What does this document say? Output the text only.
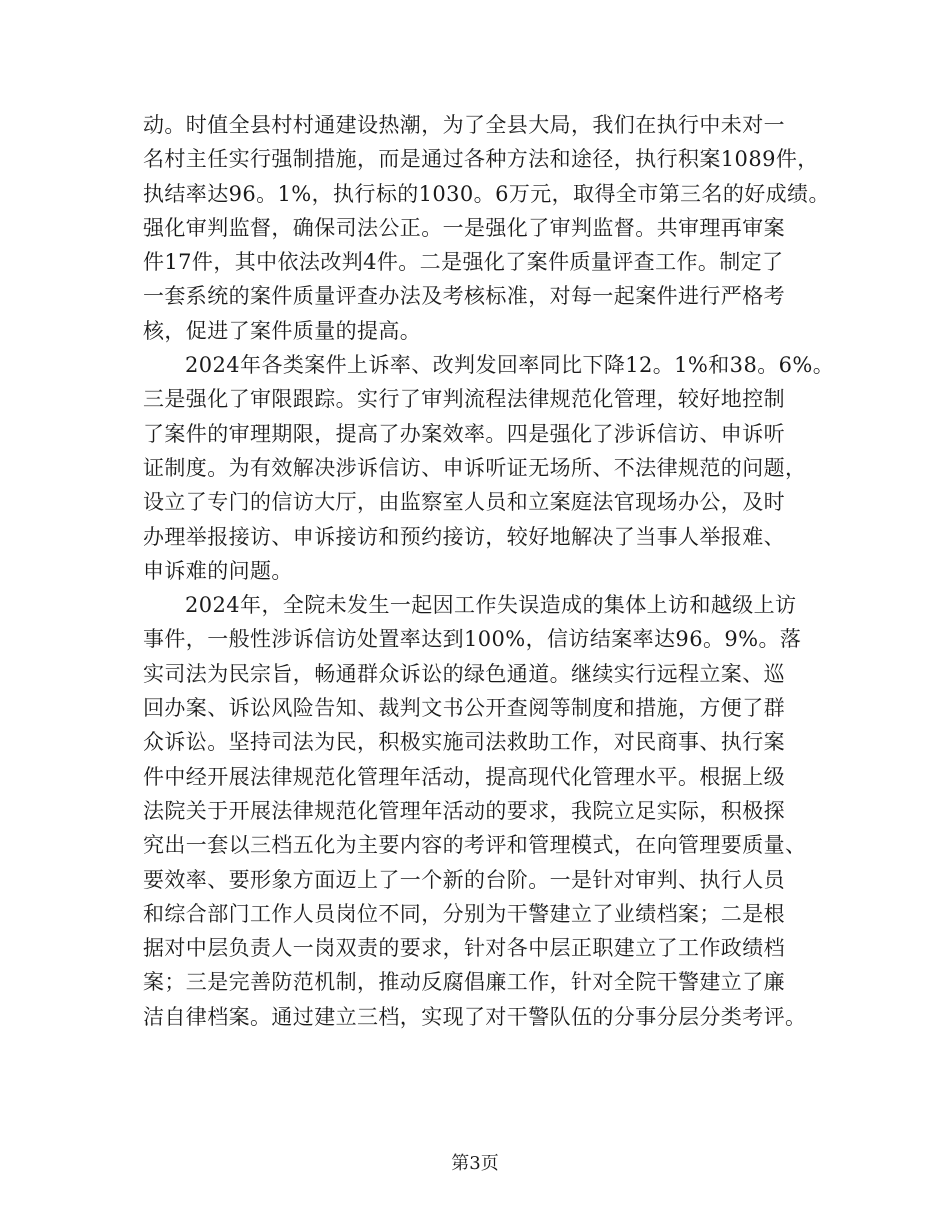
动。时值全县村村通建设热潮，为了全县大局，我们在执行中未对一
名村主任实行强制措施，而是通过各种方法和途径，执行积案1089件，
执结率达96。1%，执行标的1030。6万元，取得全市第三名的好成绩。
强化审判监督，确保司法公正。一是强化了审判监督。共审理再审案
件17件，其中依法改判4件。二是强化了案件质量评查工作。制定了
一套系统的案件质量评查办法及考核标准，对每一起案件进行严格考
核，促进了案件质量的提高。
2024年各类案件上诉率、改判发回率同比下降12。1%和38。6%。
三是强化了审限跟踪。实行了审判流程法律规范化管理，较好地控制
了案件的审理期限，提高了办案效率。四是强化了涉诉信访、申诉听
证制度。为有效解决涉诉信访、申诉听证无场所、不法律规范的问题，
设立了专门的信访大厅，由监察室人员和立案庭法官现场办公，及时
办理举报接访、申诉接访和预约接访，较好地解决了当事人举报难、
申诉难的问题。
2024年，全院未发生一起因工作失误造成的集体上访和越级上访
事件，一般性涉诉信访处置率达到100%，信访结案率达96。9%。落
实司法为民宗旨，畅通群众诉讼的绿色通道。继续实行远程立案、巡
回办案、诉讼风险告知、裁判文书公开查阅等制度和措施，方便了群
众诉讼。坚持司法为民，积极实施司法救助工作，对民商事、执行案
件中经开展法律规范化管理年活动，提高现代化管理水平。根据上级
法院关于开展法律规范化管理年活动的要求，我院立足实际，积极探
究出一套以三档五化为主要内容的考评和管理模式，在向管理要质量、
要效率、要形象方面迈上了一个新的台阶。一是针对审判、执行人员
和综合部门工作人员岗位不同，分别为干警建立了业绩档案；二是根
据对中层负责人一岗双责的要求，针对各中层正职建立了工作政绩档
案；三是完善防范机制，推动反腐倡廉工作，针对全院干警建立了廉
洁自律档案。通过建立三档，实现了对干警队伍的分事分层分类考评。
第3页
